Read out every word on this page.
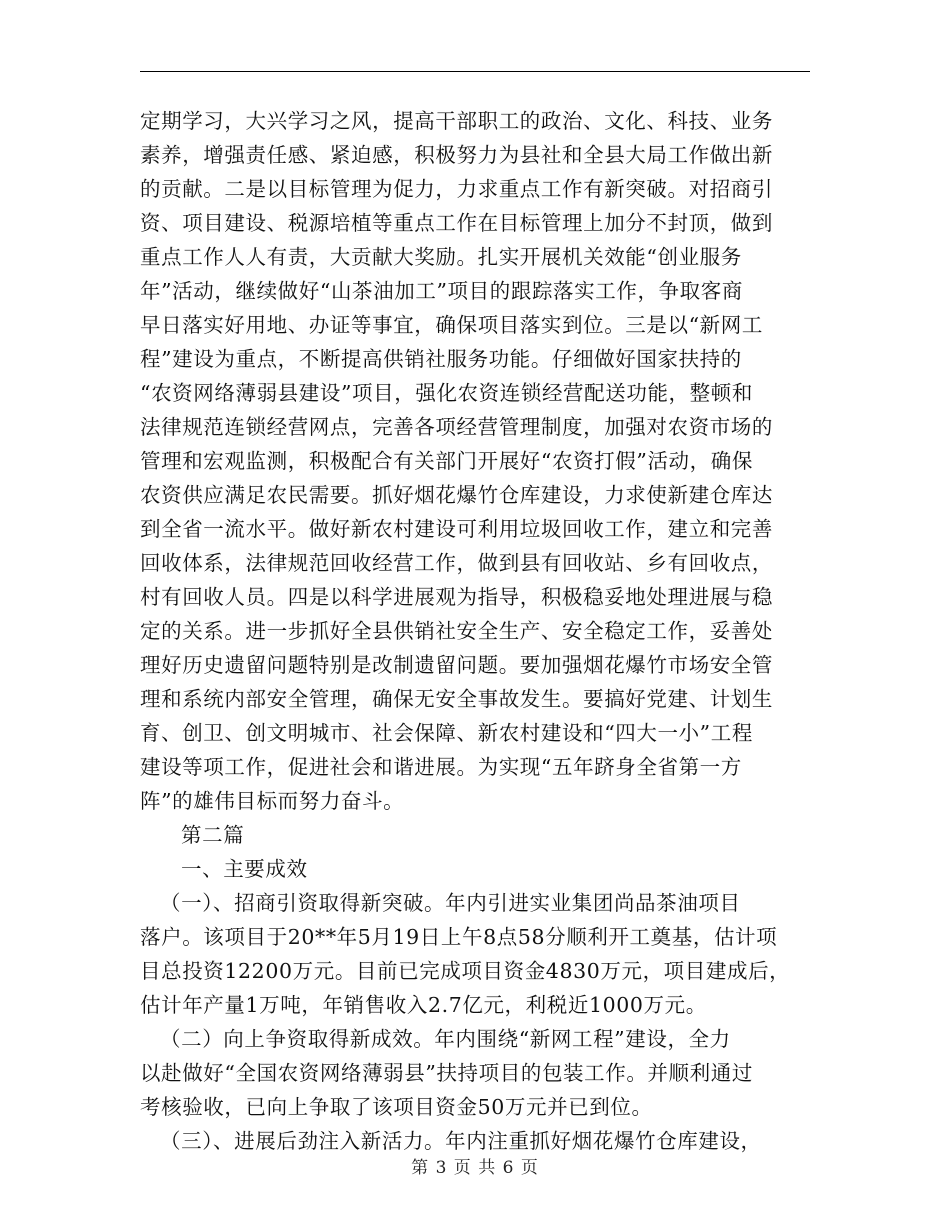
定期学习，大兴学习之风，提高干部职工的政治、文化、科技、业务
素养，增强责任感、紧迫感，积极努力为县社和全县大局工作做出新
的贡献。二是以目标管理为促力，力求重点工作有新突破。对招商引
资、项目建设、税源培植等重点工作在目标管理上加分不封顶，做到
重点工作人人有责，大贡献大奖励。扎实开展机关效能“创业服务
年”活动，继续做好“山茶油加工”项目的跟踪落实工作，争取客商
早日落实好用地、办证等事宜，确保项目落实到位。三是以“新网工
程”建设为重点，不断提高供销社服务功能。仔细做好国家扶持的
“农资网络薄弱县建设”项目，强化农资连锁经营配送功能，整顿和
法律规范连锁经营网点，完善各项经营管理制度，加强对农资市场的
管理和宏观监测，积极配合有关部门开展好“农资打假”活动，确保
农资供应满足农民需要。抓好烟花爆竹仓库建设，力求使新建仓库达
到全省一流水平。做好新农村建设可利用垃圾回收工作，建立和完善
回收体系，法律规范回收经营工作，做到县有回收站、乡有回收点，
村有回收人员。四是以科学进展观为指导，积极稳妥地处理进展与稳
定的关系。进一步抓好全县供销社安全生产、安全稳定工作，妥善处
理好历史遗留问题特别是改制遗留问题。要加强烟花爆竹市场安全管
理和系统内部安全管理，确保无安全事故发生。要搞好党建、计划生
育、创卫、创文明城市、社会保障、新农村建设和“四大一小”工程
建设等项工作，促进社会和谐进展。为实现“五年跻身全省第一方
阵”的雄伟目标而努力奋斗。
第二篇
一、主要成效
（一）、招商引资取得新突破。年内引进实业集团尚品茶油项目
落户。该项目于20**年5月19日上午8点58分顺利开工奠基，估计项
目总投资12200万元。目前已完成项目资金4830万元，项目建成后，
估计年产量1万吨，年销售收入2.7亿元，利税近1000万元。
（二）向上争资取得新成效。年内围绕“新网工程”建设，全力
以赴做好“全国农资网络薄弱县”扶持项目的包装工作。并顺利通过
考核验收，已向上争取了该项目资金50万元并已到位。
（三）、进展后劲注入新活力。年内注重抓好烟花爆竹仓库建设，
第 3 页 共 6 页
